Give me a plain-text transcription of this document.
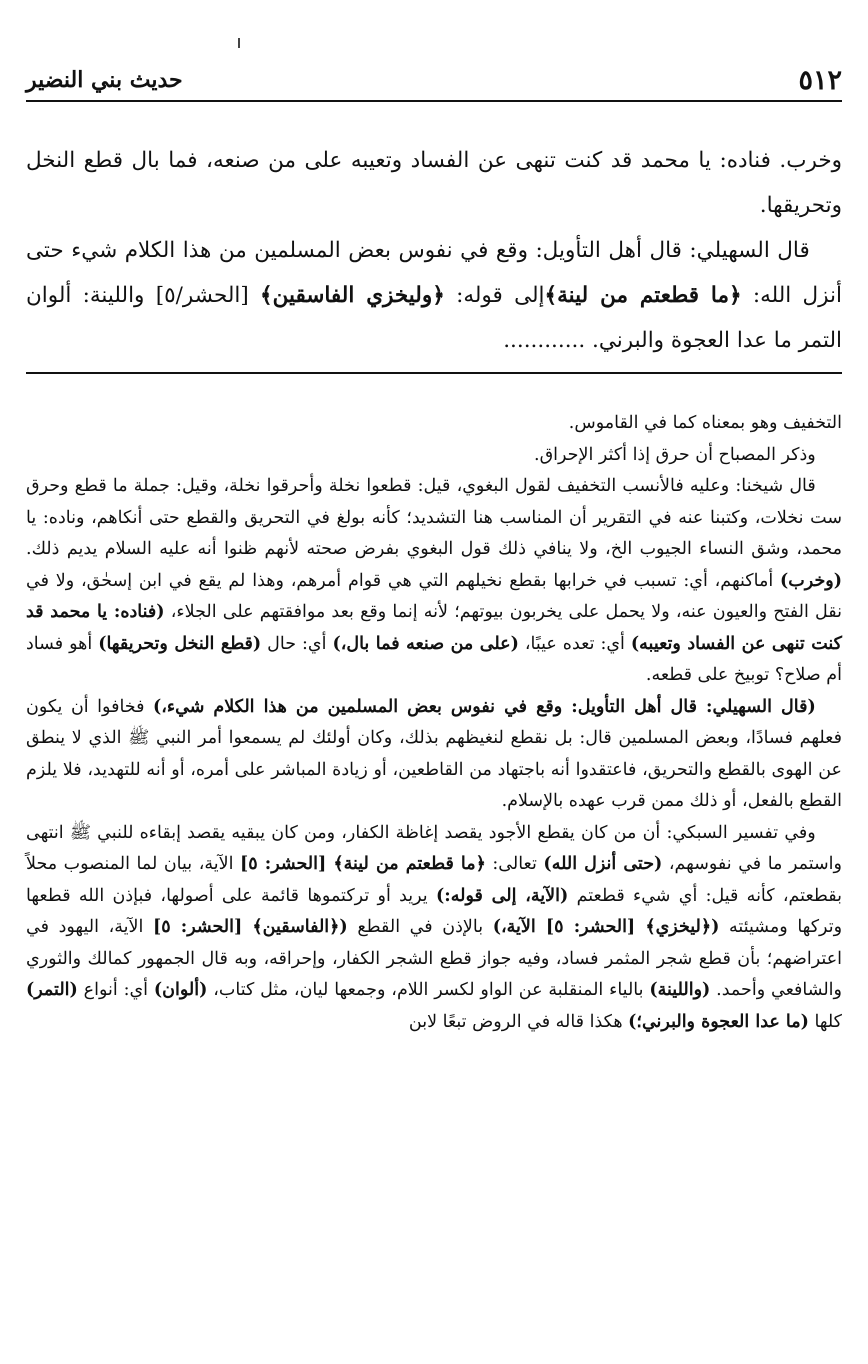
٥١٢
حديث بني النضير

وخرب. فناده: يا محمد قد كنت تنهى عن الفساد وتعيبه على من صنعه، فما بال قطع النخل وتحريقها.

قال السهيلي: قال أهل التأويل: وقع في نفوس بعض المسلمين من هذا الكلام شيء حتى أنزل الله: ﴿ما قطعتم من لينة﴾إلى قوله: ﴿وليخزي الفاسقين﴾ [الحشر/٥] واللينة: ألوان التمر ما عدا العجوة والبرني. ............

التخفيف وهو بمعناه كما في القاموس.

وذكر المصباح أن حرق إذا أكثر الإحراق.

قال شيخنا: وعليه فالأنسب التخفيف لقول البغوي، قيل: قطعوا نخلة وأحرقوا نخلة، وقيل: جملة ما قطع وحرق ست نخلات، وكتبنا عنه في التقرير أن المناسب هنا التشديد؛ كأنه بولغ في التحريق والقطع حتى أنكاهم، وناده: يا محمد، وشق النساء الجيوب الخ، ولا ينافي ذلك قول البغوي بفرض صحته لأنهم ظنوا أنه عليه السلام يديم ذلك. (وخرب) أماكنهم، أي: تسبب في خرابها بقطع نخيلهم التي هي قوام أمرهم، وهذا لم يقع في ابن إسحٰق، ولا في نقل الفتح والعيون عنه، ولا يحمل على يخربون بيوتهم؛ لأنه إنما وقع بعد موافقتهم على الجلاء، (فناده: يا محمد قد كنت تنهى عن الفساد وتعيبه) أي: تعده عيبًا، (على من صنعه فما بال،) أي: حال (قطع النخل وتحريقها) أهو فساد أم صلاح؟ توبيخ على قطعه.

(قال السهيلي: قال أهل التأويل: وقع في نفوس بعض المسلمين من هذا الكلام شيء،) فخافوا أن يكون فعلهم فسادًا، وبعض المسلمين قال: بل نقطع لنغيظهم بذلك، وكان أولئك لم يسمعوا أمر النبي ﷺ الذي لا ينطق عن الهوى بالقطع والتحريق، فاعتقدوا أنه باجتهاد من القاطعين، أو زيادة المباشر على أمره، أو أنه للتهديد، فلا يلزم القطع بالفعل، أو ذلك ممن قرب عهده بالإسلام.

وفي تفسير السبكي: أن من كان يقطع الأجود يقصد إغاظة الكفار، ومن كان يبقيه يقصد إبقاءه للنبي ﷺ انتهى واستمر ما في نفوسهم، (حتى أنزل الله) تعالى: ﴿ما قطعتم من لينة﴾ [الحشر: ٥] الآية، بيان لما المنصوب محلاً بقطعتم، كأنه قيل: أي شيء قطعتم (الآية، إلى قوله:) يريد أو تركتموها قائمة على أصولها، فبإذن الله قطعها وتركها ومشيئته (﴿ليخزي﴾ [الحشر: ٥] الآية،) بالإذن في القطع (﴿الفاسقين﴾ [الحشر: ٥] الآية، اليهود في اعتراضهم؛ بأن قطع شجر المثمر فساد، وفيه جواز قطع الشجر الكفار، وإحراقه، وبه قال الجمهور كمالك والثوري والشافعي وأحمد. (واللينة) بالياء المنقلبة عن الواو لكسر اللام، وجمعها ليان، مثل كتاب، (ألوان) أي: أنواع (التمر) كلها (ما عدا العجوة والبرني؛) هكذا قاله في الروض تبعًا لابن
